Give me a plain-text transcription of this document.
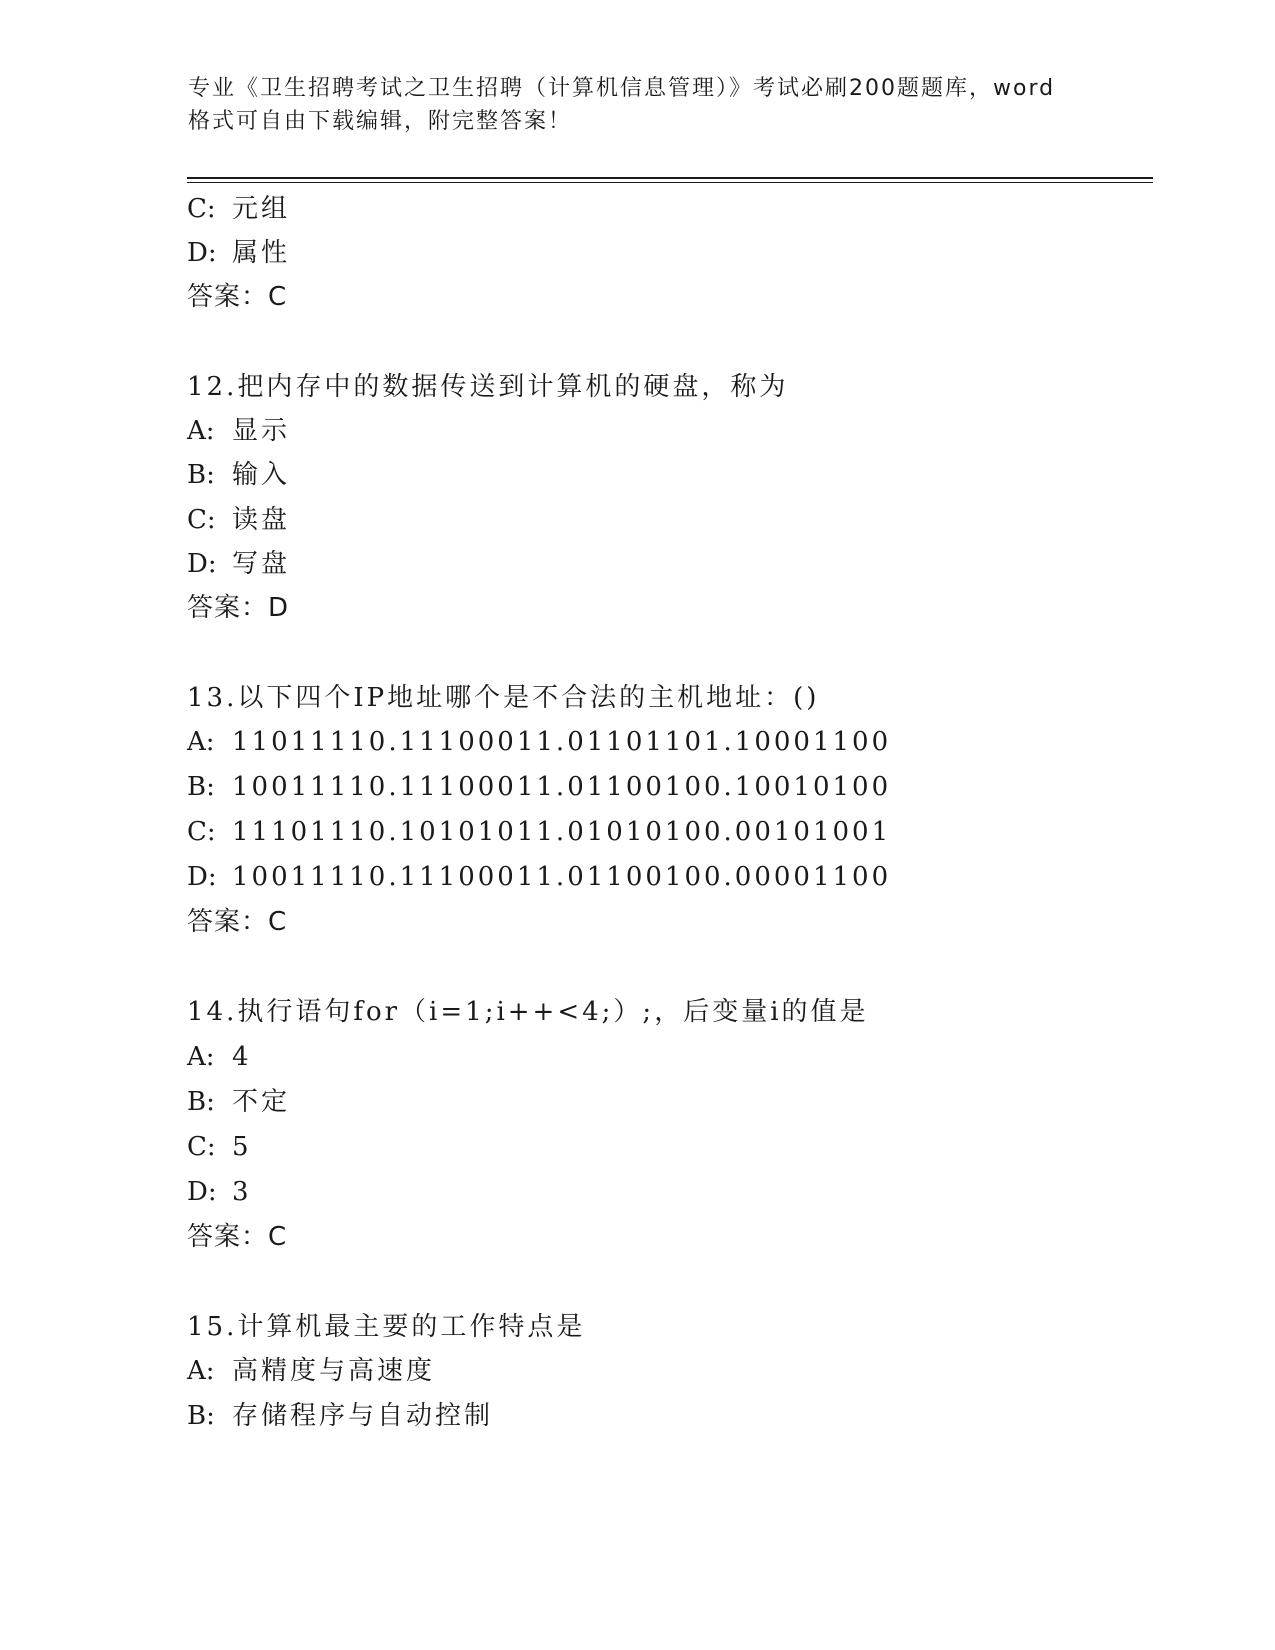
专业《卫生招聘考试之卫生招聘（计算机信息管理）》考试必刷200题题库，word
格式可自由下载编辑，附完整答案！
C: 元组
D: 属性
答案：C
12.把内存中的数据传送到计算机的硬盘，称为
A: 显示
B: 输入
C: 读盘
D: 写盘
答案：D
13.以下四个IP地址哪个是不合法的主机地址：()
A: 11011110.11100011.01101101.10001100
B: 10011110.11100011.01100100.10010100
C: 11101110.10101011.01010100.00101001
D: 10011110.11100011.01100100.00001100
答案：C
14.执行语句for（i=1;i++<4;）;，后变量i的值是
A: 4
B: 不定
C: 5
D: 3
答案：C
15.计算机最主要的工作特点是
A: 高精度与高速度
B: 存储程序与自动控制
